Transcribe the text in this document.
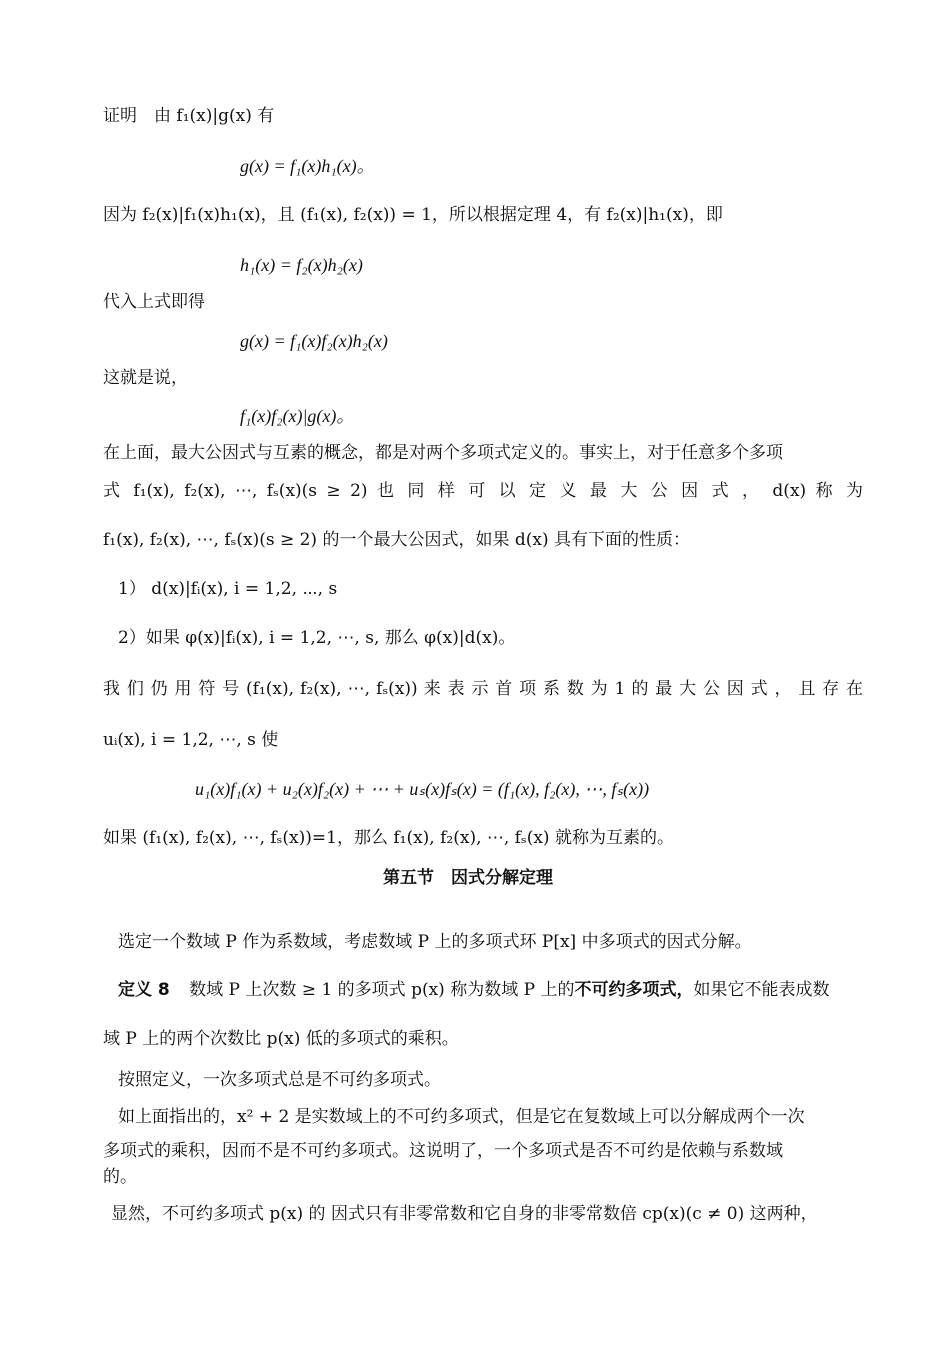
证明　由 f₁(x)|g(x) 有
g(x) = f₁(x)h₁(x)。
因为 f₂(x)|f₁(x)h₁(x)，且 (f₁(x), f₂(x)) = 1，所以根据定理 4，有 f₂(x)|h₁(x)，即
h₁(x) = f₂(x)h₂(x)
代入上式即得
g(x) = f₁(x)f₂(x)h₂(x)
这就是说，
f₁(x)f₂(x)|g(x)。
在上面，最大公因式与互素的概念，都是对两个多项式定义的。事实上，对于任意多个多项
式 f₁(x), f₂(x), ⋯, fₛ(x)(s ≥ 2) 也 同 样 可 以 定 义 最 大 公 因 式 ， d(x) 称 为
f₁(x), f₂(x), ⋯, fₛ(x)(s ≥ 2) 的一个最大公因式，如果 d(x) 具有下面的性质：
1） d(x)|fᵢ(x), i = 1,2, ⋯, s
2）如果 φ(x)|fᵢ(x), i = 1,2, ⋯, s, 那么 φ(x)|d(x)。
我 们 仍 用 符 号 (f₁(x), f₂(x), ⋯, fₛ(x)) 来 表 示 首 项 系 数 为 1 的 最 大 公 因 式 ， 且 存 在
uᵢ(x), i = 1,2, ⋯, s 使
u₁(x)f₁(x) + u₂(x)f₂(x) + ⋯ + uₛ(x)fₛ(x) = (f₁(x), f₂(x), ⋯, fₛ(x))
如果 (f₁(x), f₂(x), ⋯, fₛ(x))=1，那么 f₁(x), f₂(x), ⋯, fₛ(x) 就称为互素的。
第五节　因式分解定理
选定一个数域 P 作为系数域，考虑数域 P 上的多项式环 P[x] 中多项式的因式分解。
定义 8 数域 P 上次数 ≥ 1 的多项式 p(x) 称为数域 P 上的不可约多项式，如果它不能表成数
域 P 上的两个次数比 p(x) 低的多项式的乘积。
按照定义，一次多项式总是不可约多项式。
如上面指出的，x² + 2 是实数域上的不可约多项式，但是它在复数域上可以分解成两个一次
多项式的乘积，因而不是不可约多项式。这说明了，一个多项式是否不可约是依赖与系数域
的。
显然，不可约多项式 p(x) 的 因式只有非零常数和它自身的非零常数倍 cp(x)(c ≠ 0) 这两种，
